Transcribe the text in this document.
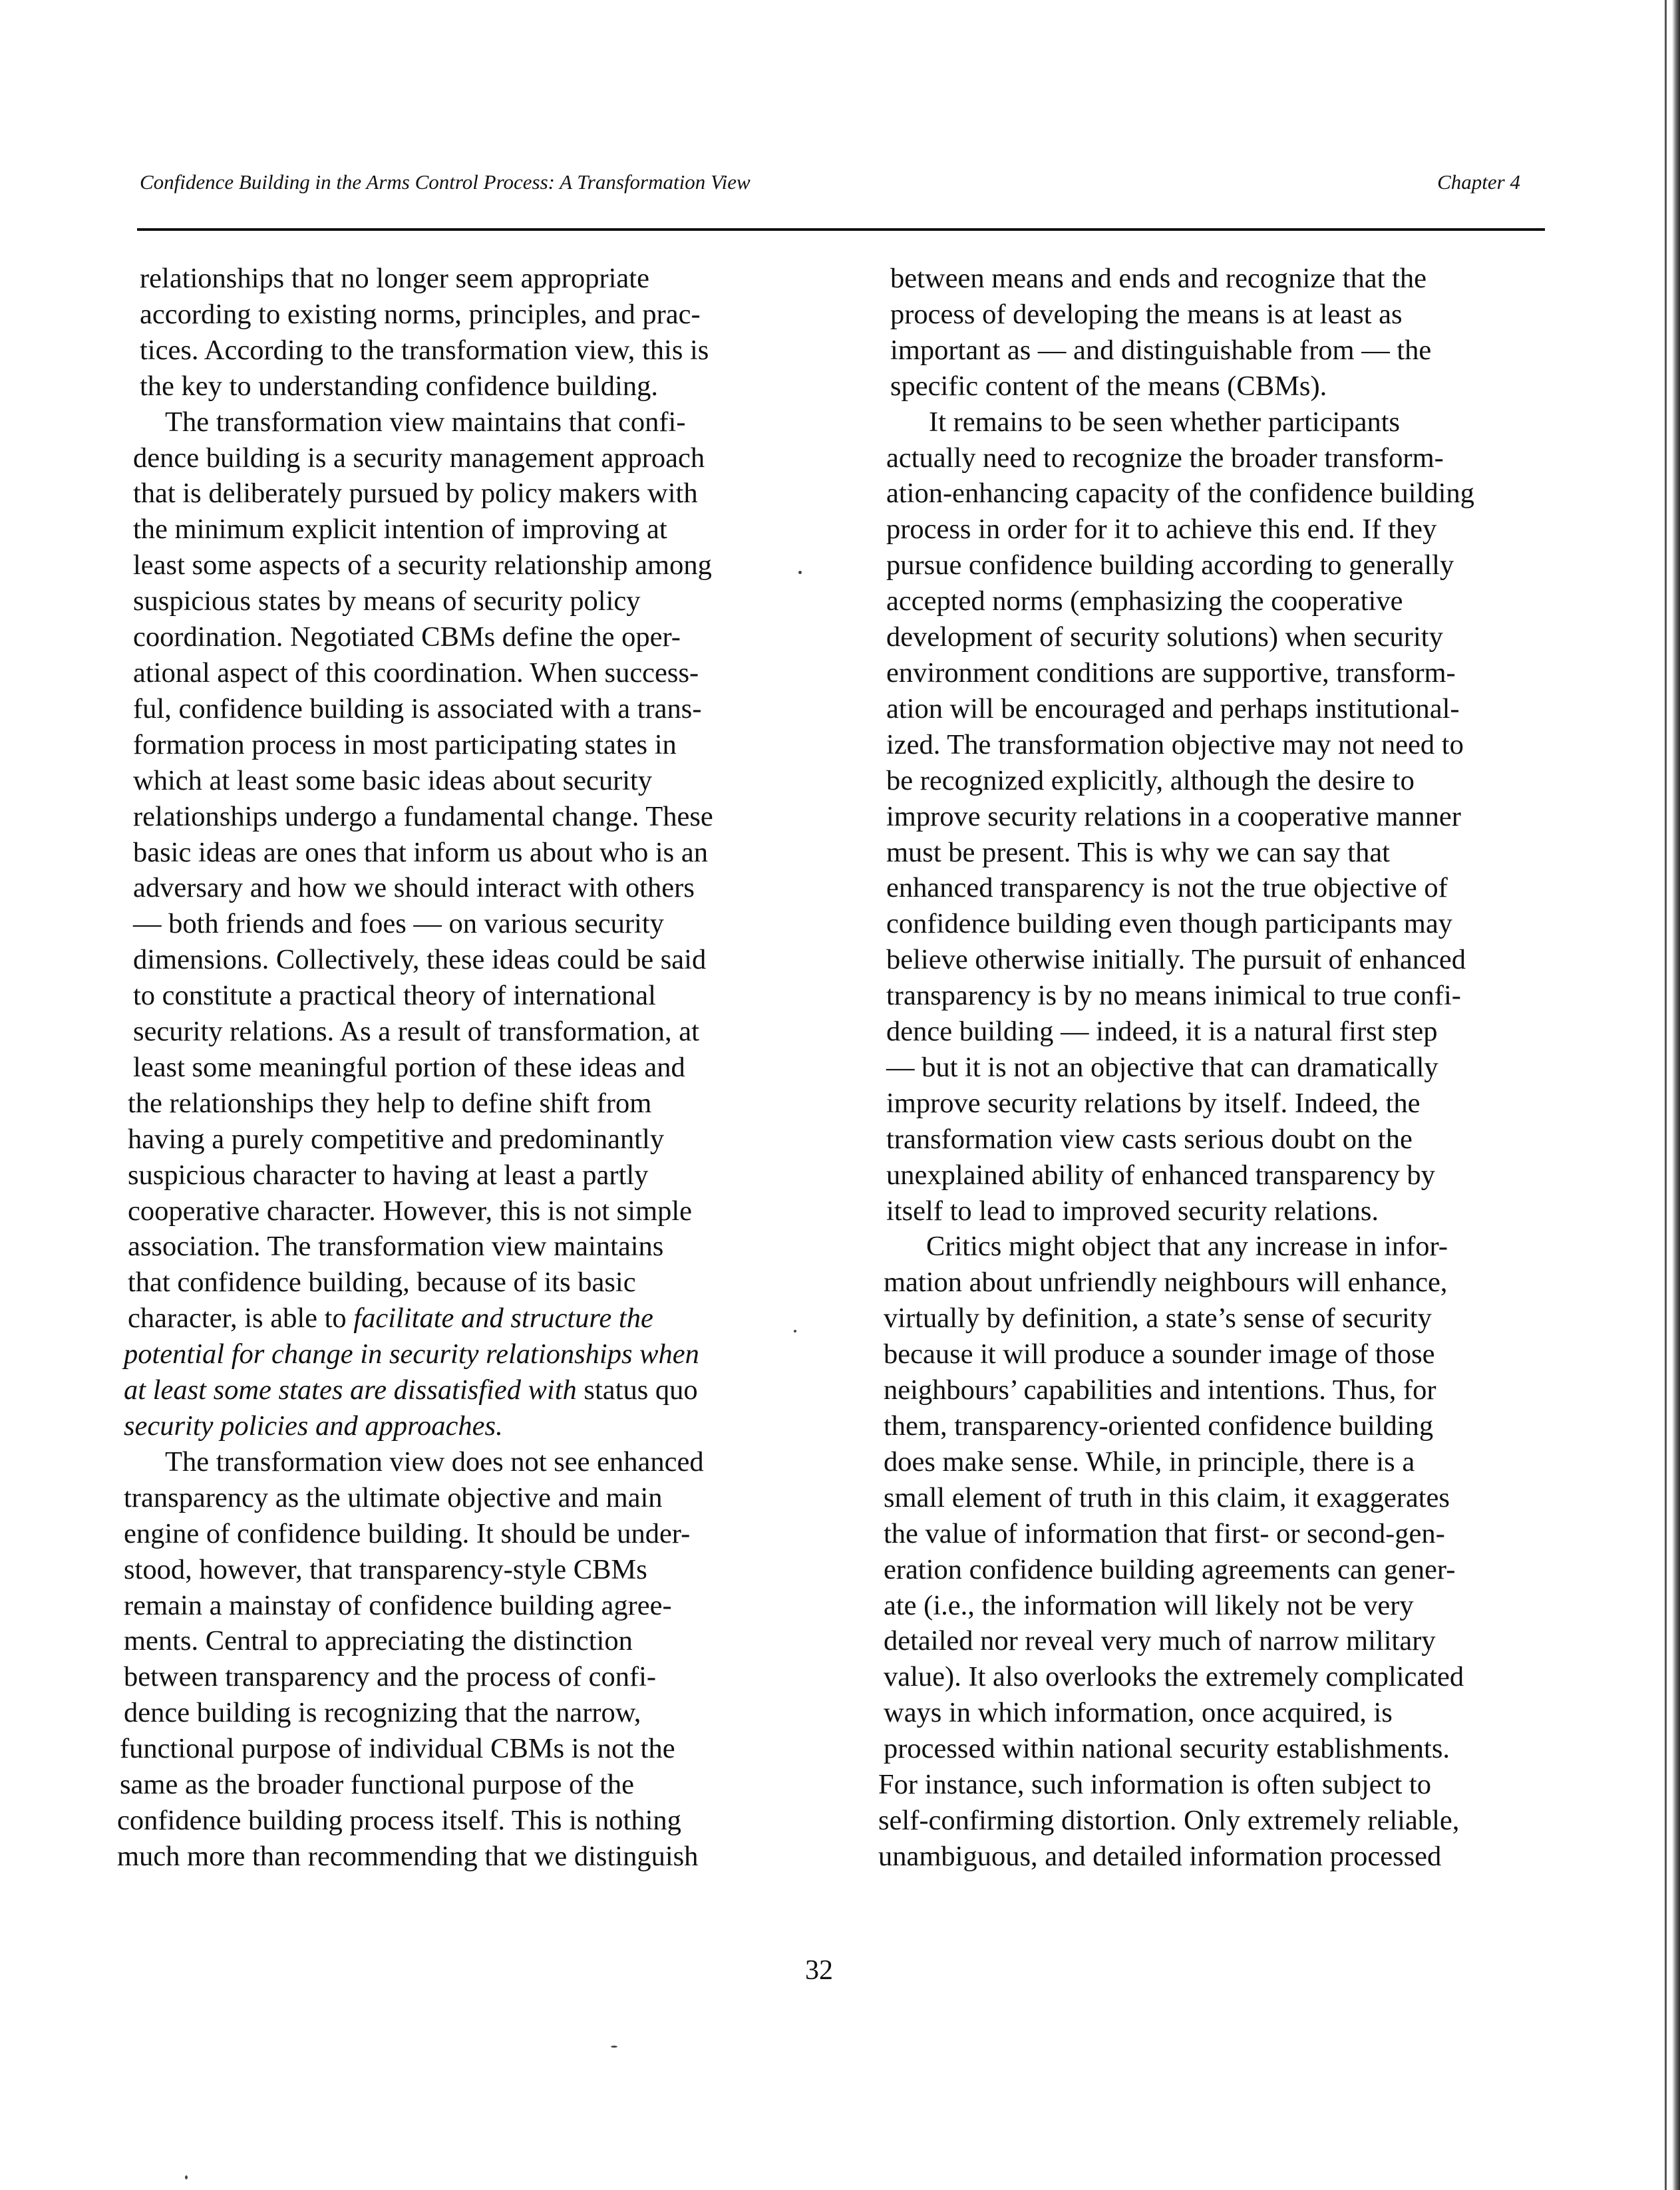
Confidence Building in the Arms Control Process: A Transformation View	Chapter 4
relationships that no longer seem appropriate
according to existing norms, principles, and prac-
tices. According to the transformation view, this is
the key to understanding confidence building.
The transformation view maintains that confi-
dence building is a security management approach
that is deliberately pursued by policy makers with
the minimum explicit intention of improving at
least some aspects of a security relationship among
suspicious states by means of security policy
coordination. Negotiated CBMs define the oper-
ational aspect of this coordination. When success-
ful, confidence building is associated with a trans-
formation process in most participating states in
which at least some basic ideas about security
relationships undergo a fundamental change. These
basic ideas are ones that inform us about who is an
adversary and how we should interact with others
— both friends and foes — on various security
dimensions. Collectively, these ideas could be said
to constitute a practical theory of international
security relations. As a result of transformation, at
least some meaningful portion of these ideas and
the relationships they help to define shift from
having a purely competitive and predominantly
suspicious character to having at least a partly
cooperative character. However, this is not simple
association. The transformation view maintains
that confidence building, because of its basic
character, is able to facilitate and structure the
potential for change in security relationships when
at least some states are dissatisfied with status quo
security policies and approaches.
The transformation view does not see enhanced
transparency as the ultimate objective and main
engine of confidence building. It should be under-
stood, however, that transparency-style CBMs
remain a mainstay of confidence building agree-
ments. Central to appreciating the distinction
between transparency and the process of confi-
dence building is recognizing that the narrow,
functional purpose of individual CBMs is not the
same as the broader functional purpose of the
confidence building process itself. This is nothing
much more than recommending that we distinguish
between means and ends and recognize that the
process of developing the means is at least as
important as — and distinguishable from — the
specific content of the means (CBMs).
It remains to be seen whether participants
actually need to recognize the broader transform-
ation-enhancing capacity of the confidence building
process in order for it to achieve this end. If they
pursue confidence building according to generally
accepted norms (emphasizing the cooperative
development of security solutions) when security
environment conditions are supportive, transform-
ation will be encouraged and perhaps institutional-
ized. The transformation objective may not need to
be recognized explicitly, although the desire to
improve security relations in a cooperative manner
must be present. This is why we can say that
enhanced transparency is not the true objective of
confidence building even though participants may
believe otherwise initially. The pursuit of enhanced
transparency is by no means inimical to true confi-
dence building — indeed, it is a natural first step
— but it is not an objective that can dramatically
improve security relations by itself. Indeed, the
transformation view casts serious doubt on the
unexplained ability of enhanced transparency by
itself to lead to improved security relations.
Critics might object that any increase in infor-
mation about unfriendly neighbours will enhance,
virtually by definition, a state’s sense of security
because it will produce a sounder image of those
neighbours’ capabilities and intentions. Thus, for
them, transparency-oriented confidence building
does make sense. While, in principle, there is a
small element of truth in this claim, it exaggerates
the value of information that first- or second-gen-
eration confidence building agreements can gener-
ate (i.e., the information will likely not be very
detailed nor reveal very much of narrow military
value). It also overlooks the extremely complicated
ways in which information, once acquired, is
processed within national security establishments.
For instance, such information is often subject to
self-confirming distortion. Only extremely reliable,
unambiguous, and detailed information processed
32
